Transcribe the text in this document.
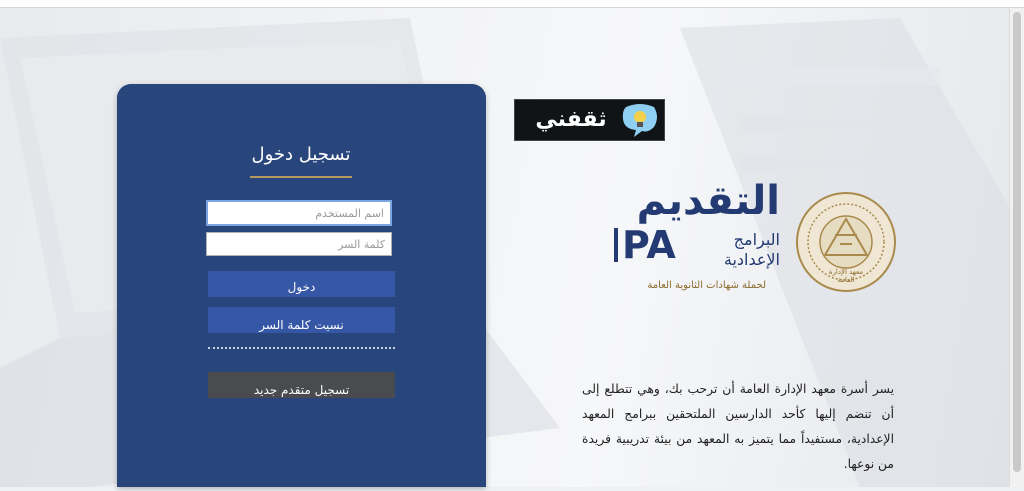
تسجيل دخول
اسم المستخدم
دخول
نسيت كلمة السر
تسجيل متقدم جديد
ثقفني
التقديم
البرامج
الإعدادية
PA
لحملة شهادات الثانوية العامة
معهد الإدارة العامة

يسر أسرة معهد الإدارة العامة أن ترحب بك، وهي تتطلع إلى أن تنضم إليها كأحد الدارسين الملتحقين ببرامج المعهد الإعدادية، مستفيداً مما يتميز به المعهد من بيئة تدريبية فريدة من نوعها.
